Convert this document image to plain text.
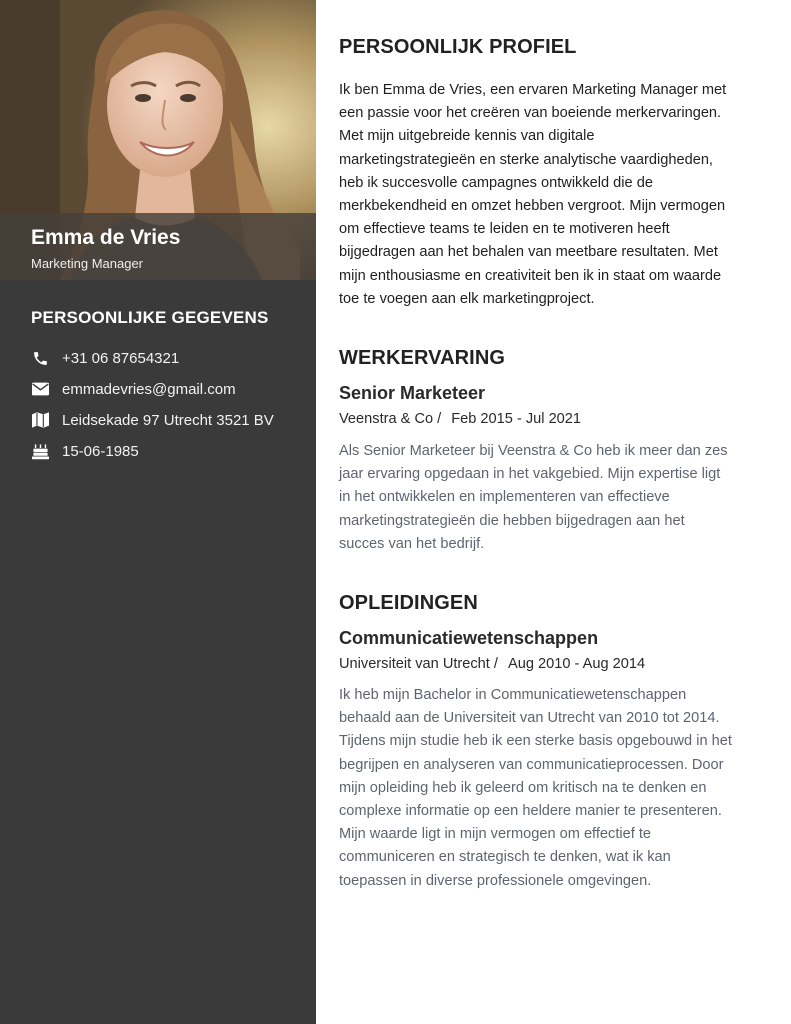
Emma de Vries
Marketing Manager
PERSOONLIJKE GEGEVENS
+31 06 87654321
emmadevries@gmail.com
Leidsekade 97 Utrecht 3521 BV
15-06-1985
PERSOONLIJK PROFIEL
Ik ben Emma de Vries, een ervaren Marketing Manager met
een passie voor het creëren van boeiende merkervaringen.
Met mijn uitgebreide kennis van digitale
marketingstrategieën en sterke analytische vaardigheden,
heb ik succesvolle campagnes ontwikkeld die de
merkbekendheid en omzet hebben vergroot. Mijn vermogen
om effectieve teams te leiden en te motiveren heeft
bijgedragen aan het behalen van meetbare resultaten. Met
mijn enthousiasme en creativiteit ben ik in staat om waarde
toe te voegen aan elk marketingproject.
WERKERVARING
Senior Marketeer
Veenstra & Co / Feb 2015 - Jul 2021
Als Senior Marketeer bij Veenstra & Co heb ik meer dan zes
jaar ervaring opgedaan in het vakgebied. Mijn expertise ligt
in het ontwikkelen en implementeren van effectieve
marketingstrategieën die hebben bijgedragen aan het
succes van het bedrijf.
OPLEIDINGEN
Communicatiewetenschappen
Universiteit van Utrecht / Aug 2010 - Aug 2014
Ik heb mijn Bachelor in Communicatiewetenschappen
behaald aan de Universiteit van Utrecht van 2010 tot 2014.
Tijdens mijn studie heb ik een sterke basis opgebouwd in het
begrijpen en analyseren van communicatieprocessen. Door
mijn opleiding heb ik geleerd om kritisch na te denken en
complexe informatie op een heldere manier te presenteren.
Mijn waarde ligt in mijn vermogen om effectief te
communiceren en strategisch te denken, wat ik kan
toepassen in diverse professionele omgevingen.
